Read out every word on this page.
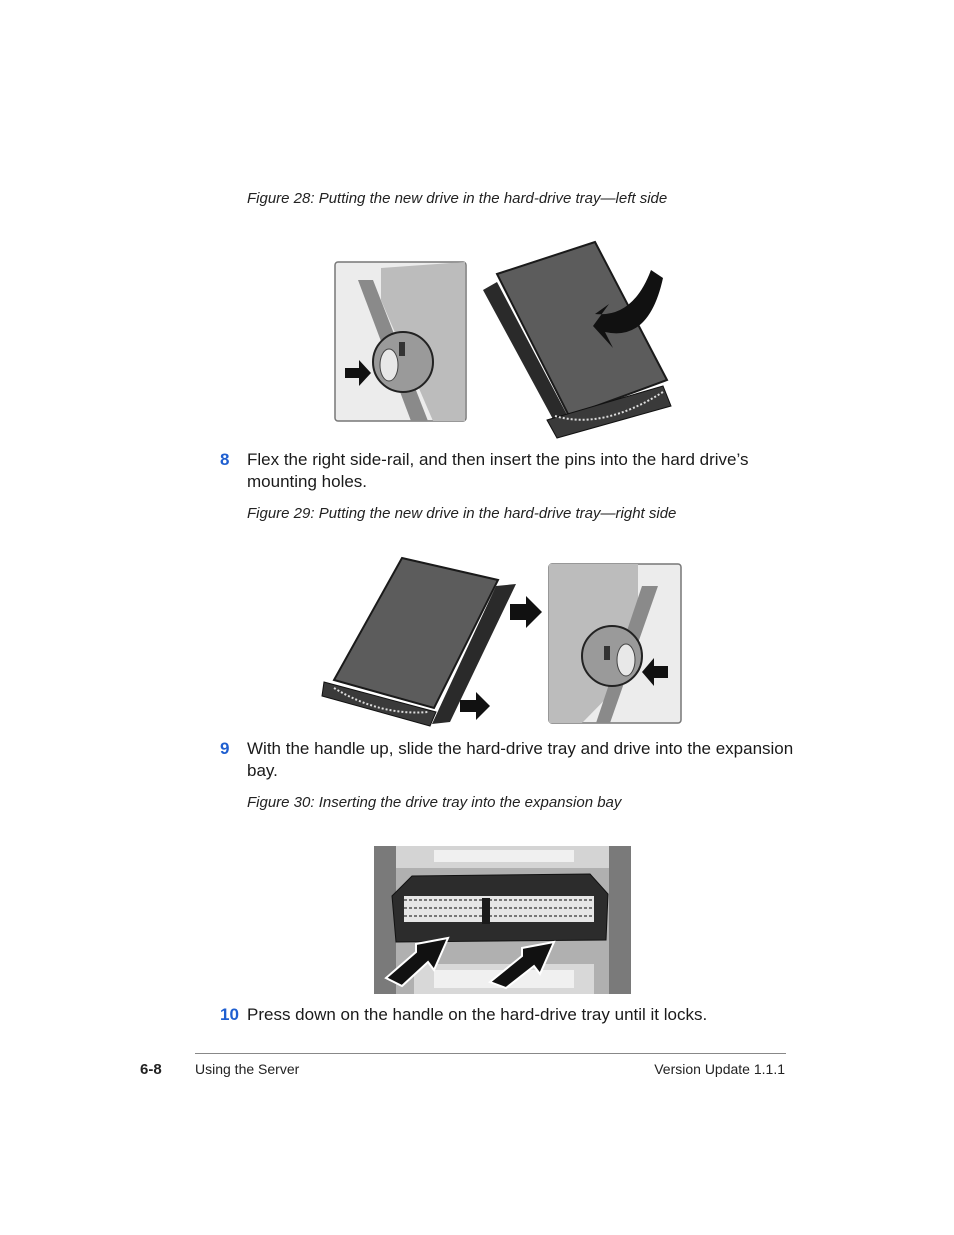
Figure 28: Putting the new drive in the hard-drive tray—left side
8 Flex the right side-rail, and then insert the pins into the hard drive’s mounting holes.
Figure 29: Putting the new drive in the hard-drive tray—right side
9 With the handle up, slide the hard-drive tray and drive into the expansion bay.
Figure 30: Inserting the drive tray into the expansion bay
10 Press down on the handle on the hard-drive tray until it locks.
6-8 Using the Server	Version Update 1.1.1
